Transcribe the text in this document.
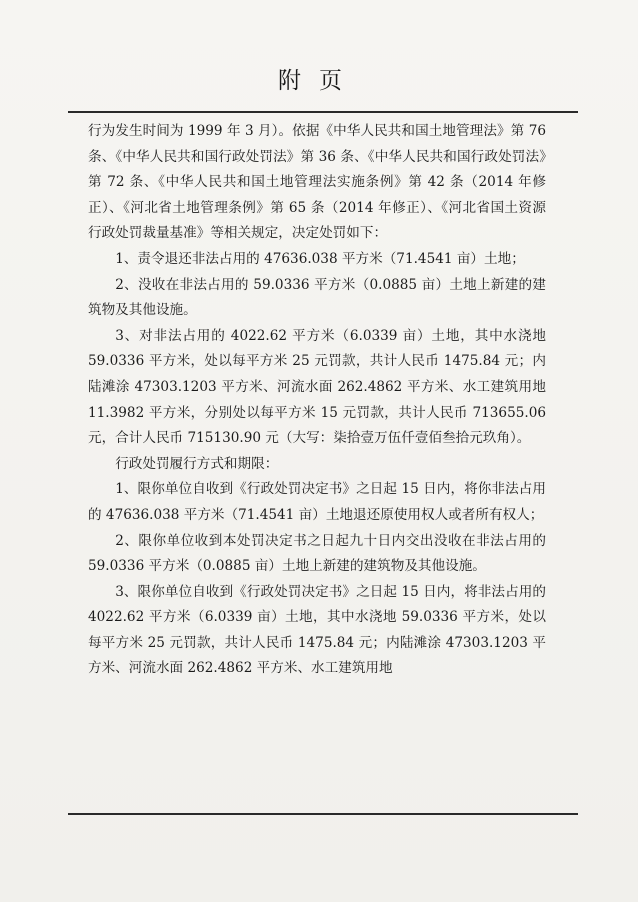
附页

行为发生时间为 1999 年 3 月）。依据《中华人民共和国土地管理法》第 76 条、《中华人民共和国行政处罚法》第 36 条、《中华人民共和国行政处罚法》第 72 条、《中华人民共和国土地管理法实施条例》第 42 条（2014 年修正）、《河北省土地管理条例》第 65 条（2014 年修正）、《河北省国土资源行政处罚裁量基准》等相关规定，决定处罚如下：

1、责令退还非法占用的 47636.038 平方米（71.4541 亩）土地；

2、没收在非法占用的 59.0336 平方米（0.0885 亩）土地上新建的建筑物及其他设施。

3、对非法占用的 4022.62 平方米（6.0339 亩）土地，其中水浇地 59.0336 平方米，处以每平方米 25 元罚款，共计人民币 1475.84 元；内陆滩涂 47303.1203 平方米、河流水面 262.4862 平方米、水工建筑用地 11.3982 平方米，分别处以每平方米 15 元罚款，共计人民币 713655.06 元，合计人民币 715130.90 元（大写：柒拾壹万伍仟壹佰叁拾元玖角）。

行政处罚履行方式和期限：

1、限你单位自收到《行政处罚决定书》之日起 15 日内，将你非法占用的 47636.038 平方米（71.4541 亩）土地退还原使用权人或者所有权人；

2、限你单位收到本处罚决定书之日起九十日内交出没收在非法占用的 59.0336 平方米（0.0885 亩）土地上新建的建筑物及其他设施。

3、限你单位自收到《行政处罚决定书》之日起 15 日内，将非法占用的 4022.62 平方米（6.0339 亩）土地，其中水浇地 59.0336 平方米，处以每平方米 25 元罚款，共计人民币 1475.84 元；内陆滩涂 47303.1203 平方米、河流水面 262.4862 平方米、水工建筑用地
